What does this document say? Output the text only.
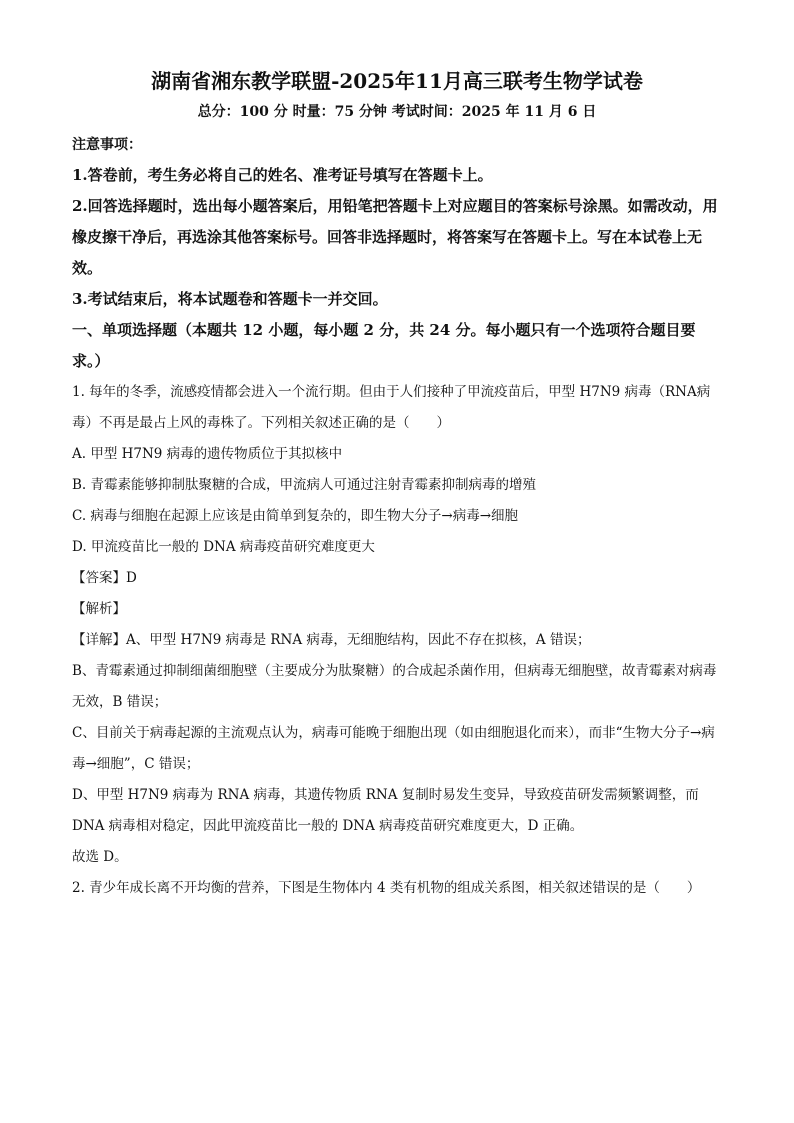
湖南省湘东教学联盟-2025年11月高三联考生物学试卷
总分：100 分 时量：75 分钟 考试时间：2025 年 11 月 6 日
注意事项：
1.答卷前，考生务必将自己的姓名、准考证号填写在答题卡上。
2.回答选择题时，选出每小题答案后，用铅笔把答题卡上对应题目的答案标号涂黑。如需改动，用橡皮擦干净后，再选涂其他答案标号。回答非选择题时，将答案写在答题卡上。写在本试卷上无效。
3.考试结束后，将本试题卷和答题卡一并交回。
一、单项选择题（本题共 12 小题，每小题 2 分，共 24 分。每小题只有一个选项符合题目要求。）
1. 每年的冬季，流感疫情都会进入一个流行期。但由于人们接种了甲流疫苗后，甲型 H7N9 病毒（RNA病毒）不再是最占上风的毒株了。下列相关叙述正确的是（　　）
A. 甲型 H7N9 病毒的遗传物质位于其拟核中
B. 青霉素能够抑制肽聚糖的合成，甲流病人可通过注射青霉素抑制病毒的增殖
C. 病毒与细胞在起源上应该是由简单到复杂的，即生物大分子→病毒→细胞
D. 甲流疫苗比一般的 DNA 病毒疫苗研究难度更大
【答案】D
【解析】
【详解】A、甲型 H7N9 病毒是 RNA 病毒，无细胞结构，因此不存在拟核，A 错误；
B、青霉素通过抑制细菌细胞壁（主要成分为肽聚糖）的合成起杀菌作用，但病毒无细胞壁，故青霉素对病毒无效，B 错误；
C、目前关于病毒起源的主流观点认为，病毒可能晚于细胞出现（如由细胞退化而来），而非“生物大分子→病毒→细胞”，C 错误；
D、甲型 H7N9 病毒为 RNA 病毒，其遗传物质 RNA 复制时易发生变异，导致疫苗研发需频繁调整，而DNA 病毒相对稳定，因此甲流疫苗比一般的 DNA 病毒疫苗研究难度更大，D 正确。
故选 D。
2. 青少年成长离不开均衡的营养，下图是生物体内 4 类有机物的组成关系图，相关叙述错误的是（　　）
